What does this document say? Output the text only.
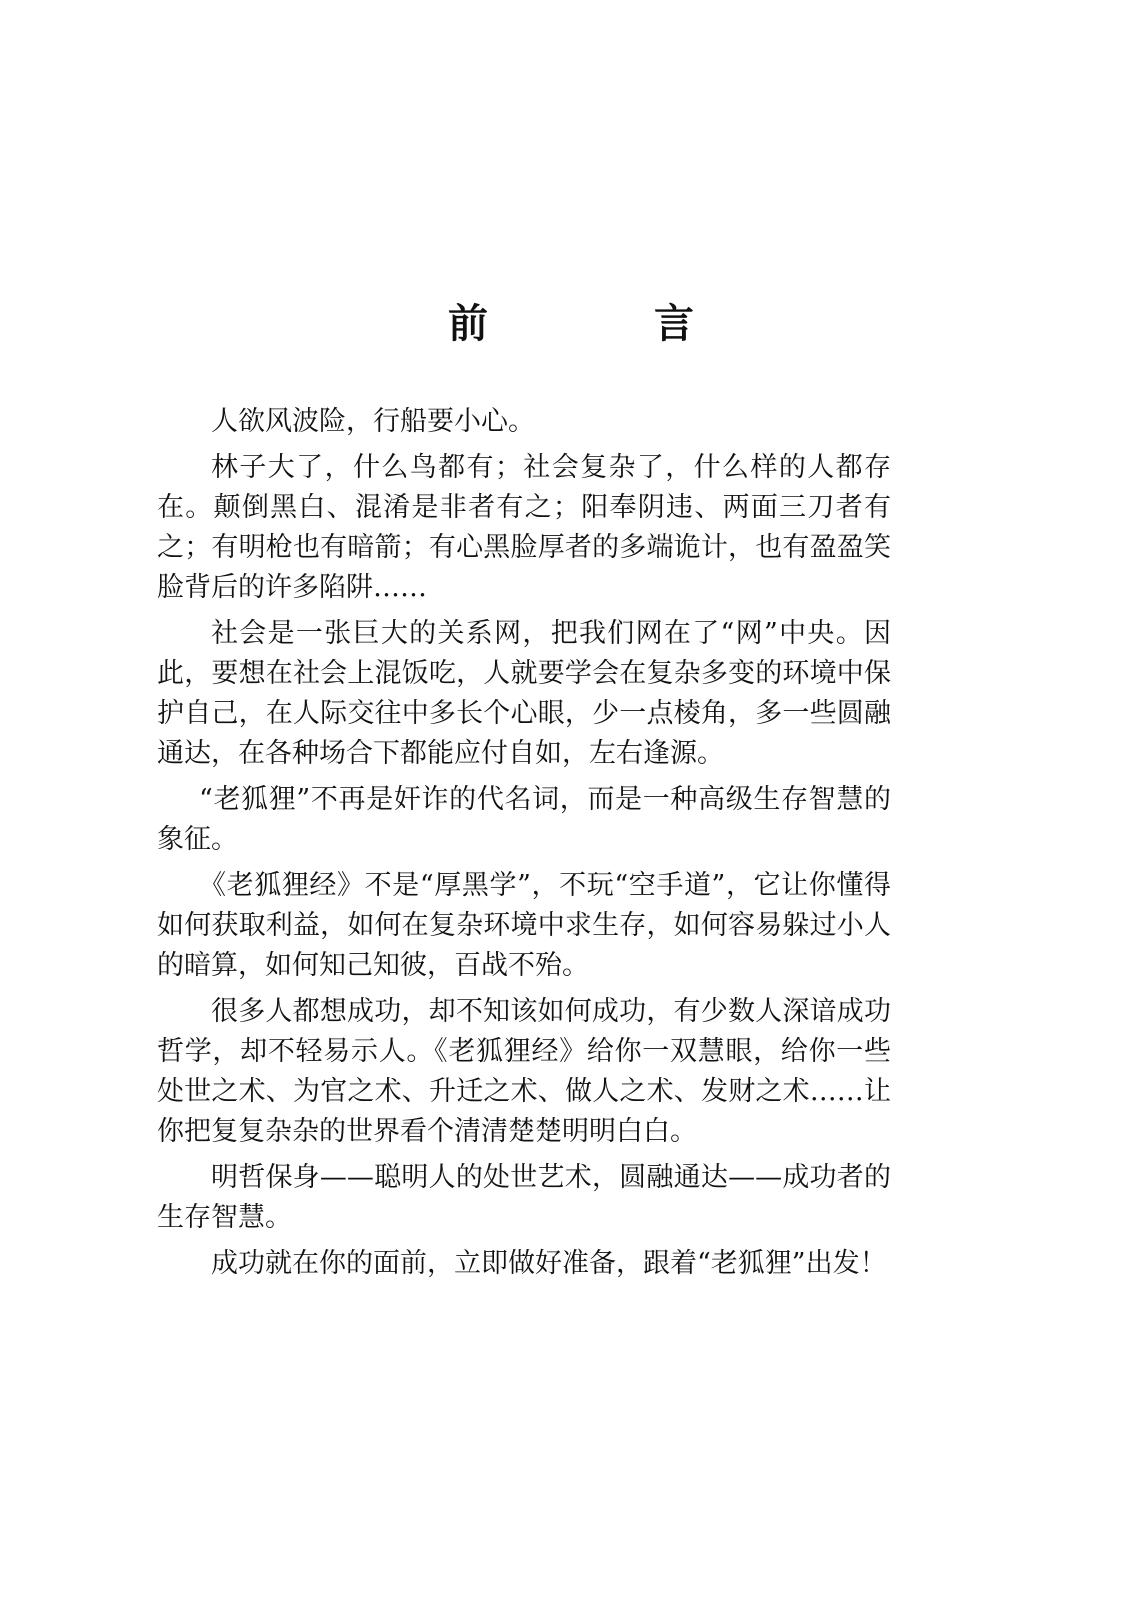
前 言

人欲风波险，行船要小心。

林子大了，什么鸟都有；社会复杂了，什么样的人都存在。颠倒黑白、混淆是非者有之；阳奉阴违、两面三刀者有之；有明枪也有暗箭；有心黑脸厚者的多端诡计，也有盈盈笑脸背后的许多陷阱……

社会是一张巨大的关系网，把我们网在了“网”中央。因此，要想在社会上混饭吃，人就要学会在复杂多变的环境中保护自己，在人际交往中多长个心眼，少一点棱角，多一些圆融通达，在各种场合下都能应付自如，左右逢源。

“老狐狸”不再是奸诈的代名词，而是一种高级生存智慧的象征。

《老狐狸经》不是“厚黑学”，不玩“空手道”，它让你懂得如何获取利益，如何在复杂环境中求生存，如何容易躲过小人的暗算，如何知己知彼，百战不殆。

很多人都想成功，却不知该如何成功，有少数人深谙成功哲学，却不轻易示人。《老狐狸经》给你一双慧眼，给你一些处世之术、为官之术、升迁之术、做人之术、发财之术……让你把复复杂杂的世界看个清清楚楚明明白白。

明哲保身——聪明人的处世艺术，圆融通达——成功者的生存智慧。

成功就在你的面前，立即做好准备，跟着“老狐狸”出发！
